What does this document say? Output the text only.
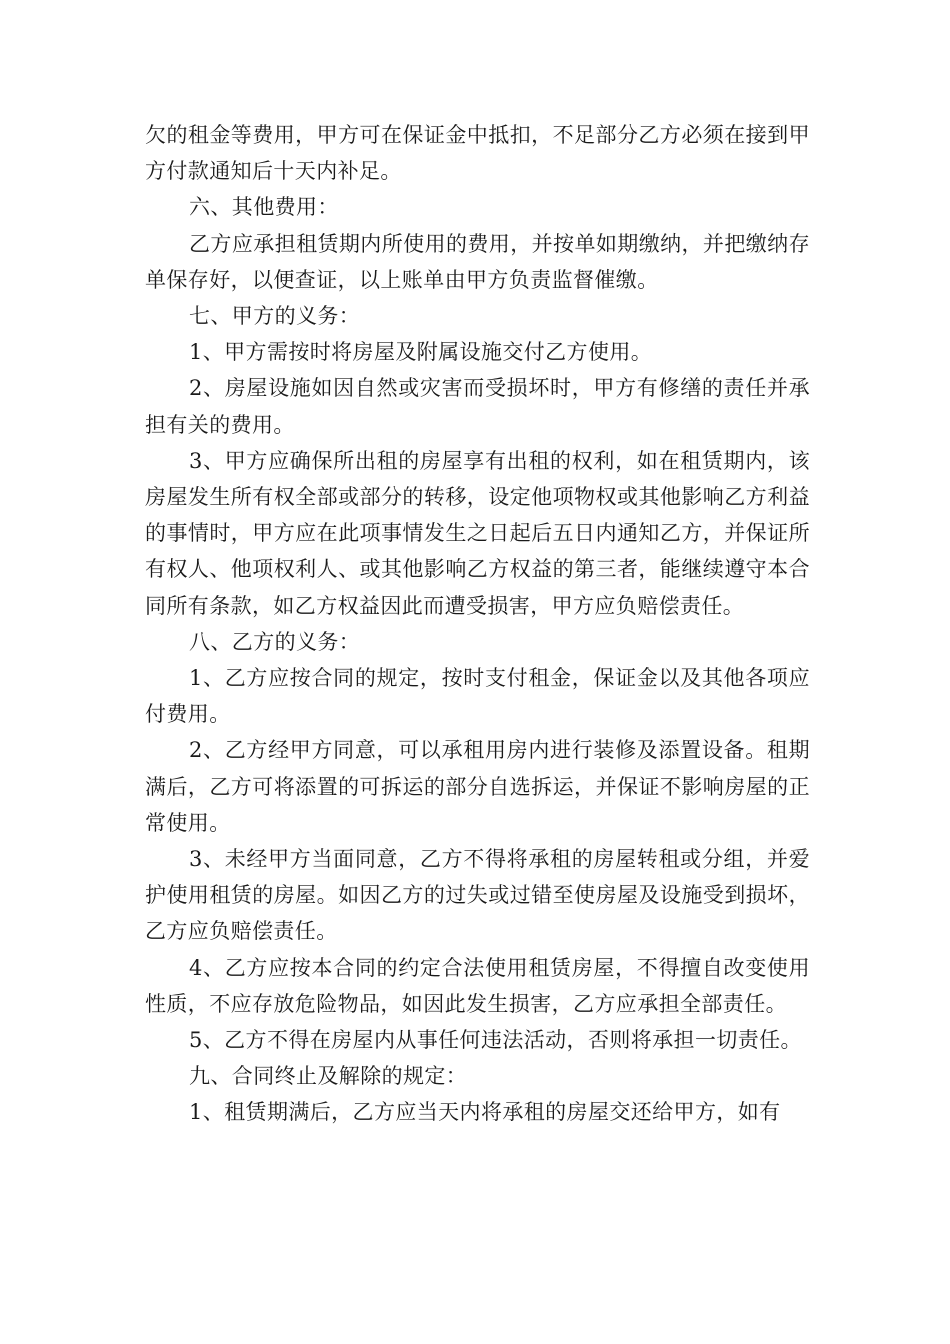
欠的租金等费用，甲方可在保证金中抵扣，不足部分乙方必须在接到甲方付款通知后十天内补足。

六、其他费用：

乙方应承担租赁期内所使用的费用，并按单如期缴纳，并把缴纳存单保存好，以便查证，以上账单由甲方负责监督催缴。

七、甲方的义务：

1、甲方需按时将房屋及附属设施交付乙方使用。

2、房屋设施如因自然或灾害而受损坏时，甲方有修缮的责任并承担有关的费用。

3、甲方应确保所出租的房屋享有出租的权利，如在租赁期内，该房屋发生所有权全部或部分的转移，设定他项物权或其他影响乙方利益的事情时，甲方应在此项事情发生之日起后五日内通知乙方，并保证所有权人、他项权利人、或其他影响乙方权益的第三者，能继续遵守本合同所有条款，如乙方权益因此而遭受损害，甲方应负赔偿责任。

八、乙方的义务：

1、乙方应按合同的规定，按时支付租金，保证金以及其他各项应付费用。

2、乙方经甲方同意，可以承租用房内进行装修及添置设备。租期满后，乙方可将添置的可拆运的部分自选拆运，并保证不影响房屋的正常使用。

3、未经甲方当面同意，乙方不得将承租的房屋转租或分组，并爱护使用租赁的房屋。如因乙方的过失或过错至使房屋及设施受到损坏，乙方应负赔偿责任。

4、乙方应按本合同的约定合法使用租赁房屋，不得擅自改变使用性质，不应存放危险物品，如因此发生损害，乙方应承担全部责任。

5、乙方不得在房屋内从事任何违法活动，否则将承担一切责任。

九、合同终止及解除的规定：

1、租赁期满后，乙方应当天内将承租的房屋交还给甲方，如有
